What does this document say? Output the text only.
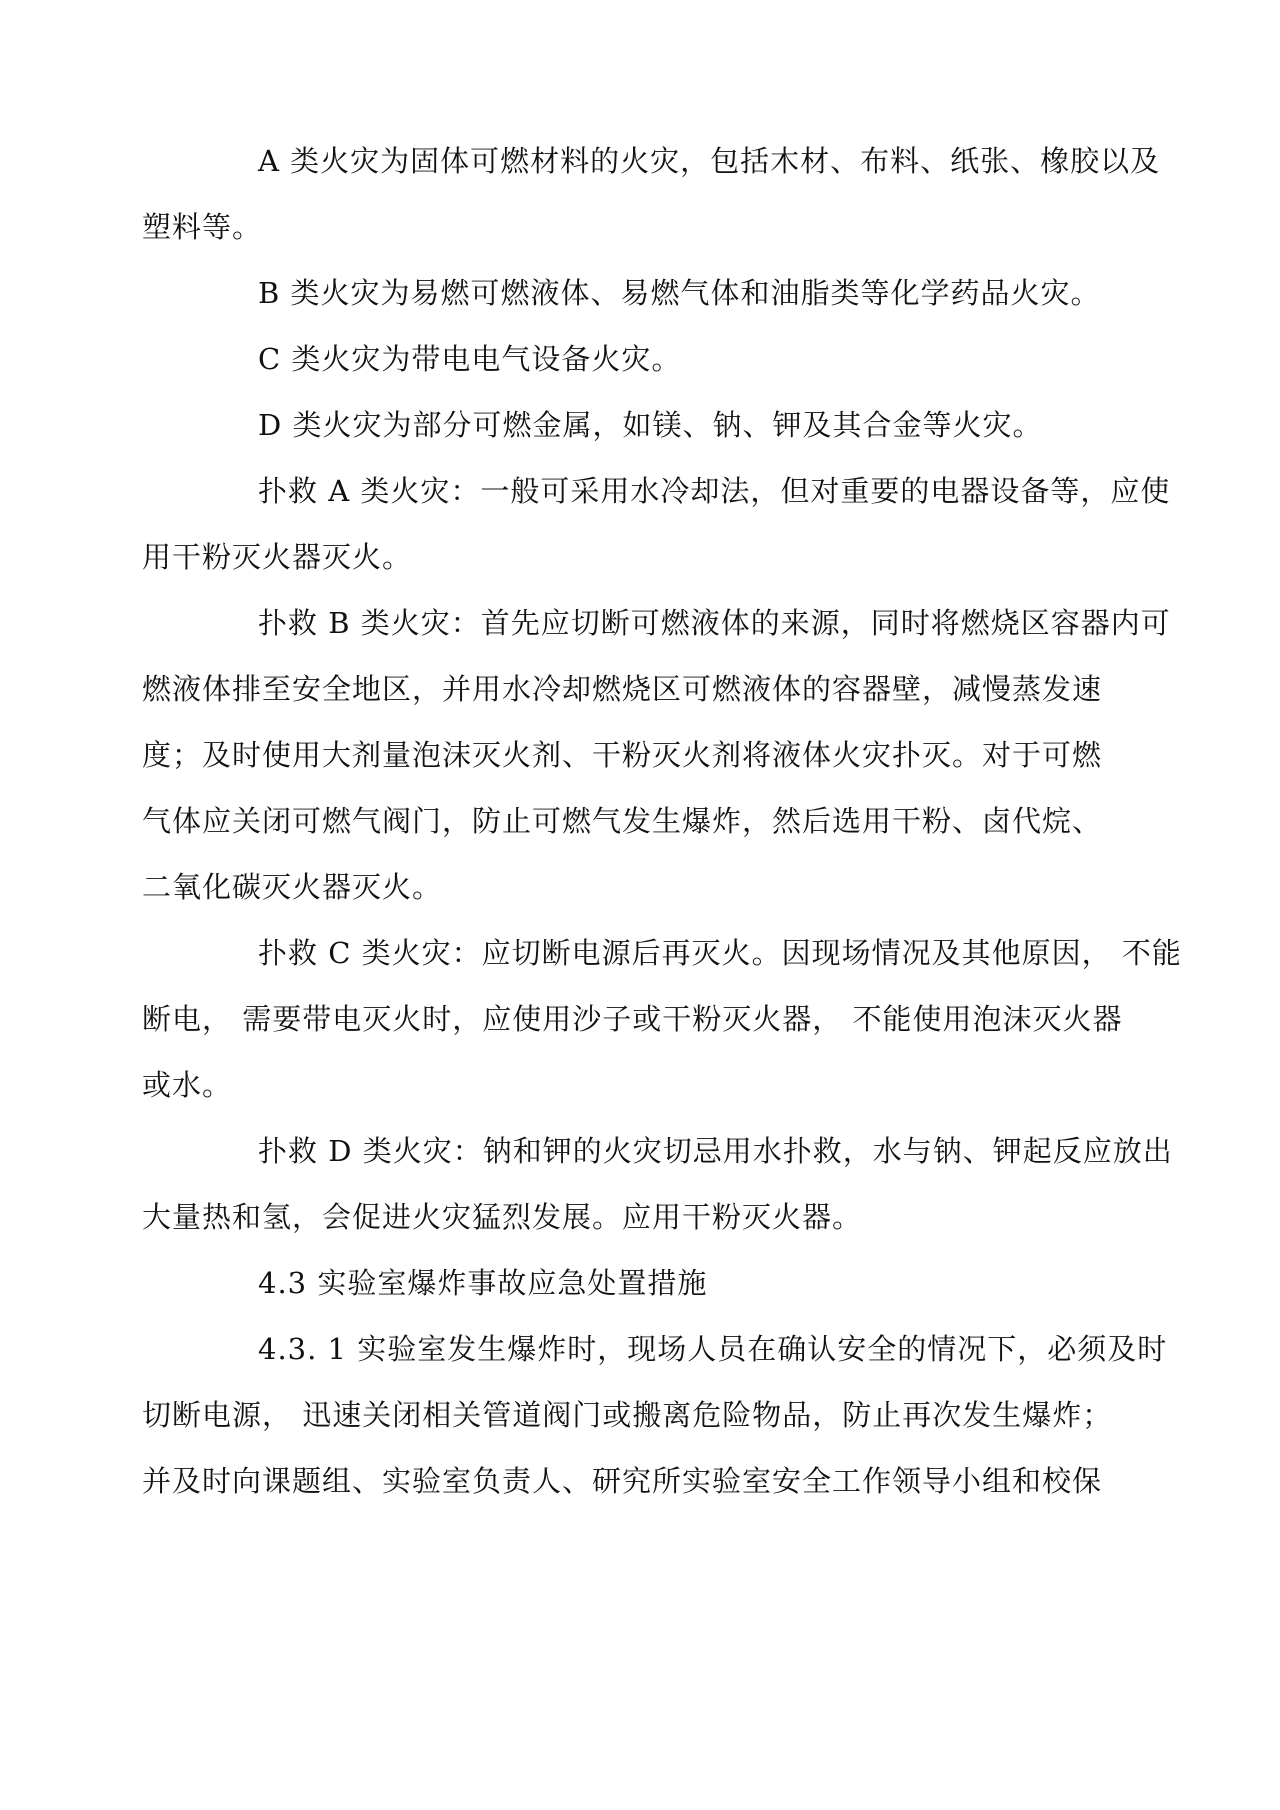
A 类火灾为固体可燃材料的火灾，包括木材、布料、纸张、橡胶以及
塑料等。

B 类火灾为易燃可燃液体、易燃气体和油脂类等化学药品火灾。

C 类火灾为带电电气设备火灾。

D 类火灾为部分可燃金属，如镁、钠、钾及其合金等火灾。

扑救 A 类火灾：一般可采用水冷却法，但对重要的电器设备等，应使
用干粉灭火器灭火。

扑救 B 类火灾：首先应切断可燃液体的来源，同时将燃烧区容器内可
燃液体排至安全地区，并用水冷却燃烧区可燃液体的容器壁，减慢蒸发速
度；及时使用大剂量泡沫灭火剂、干粉灭火剂将液体火灾扑灭。对于可燃
气体应关闭可燃气阀门，防止可燃气发生爆炸，然后选用干粉、卤代烷、
二氧化碳灭火器灭火。

扑救 C 类火灾：应切断电源后再灭火。因现场情况及其他原因， 不能
断电， 需要带电灭火时，应使用沙子或干粉灭火器， 不能使用泡沫灭火器
或水。

扑救 D 类火灾：钠和钾的火灾切忌用水扑救，水与钠、钾起反应放出
大量热和氢，会促进火灾猛烈发展。应用干粉灭火器。

4.3 实验室爆炸事故应急处置措施

4.3. 1 实验室发生爆炸时，现场人员在确认安全的情况下，必须及时
切断电源， 迅速关闭相关管道阀门或搬离危险物品，防止再次发生爆炸；
并及时向课题组、实验室负责人、研究所实验室安全工作领导小组和校保
